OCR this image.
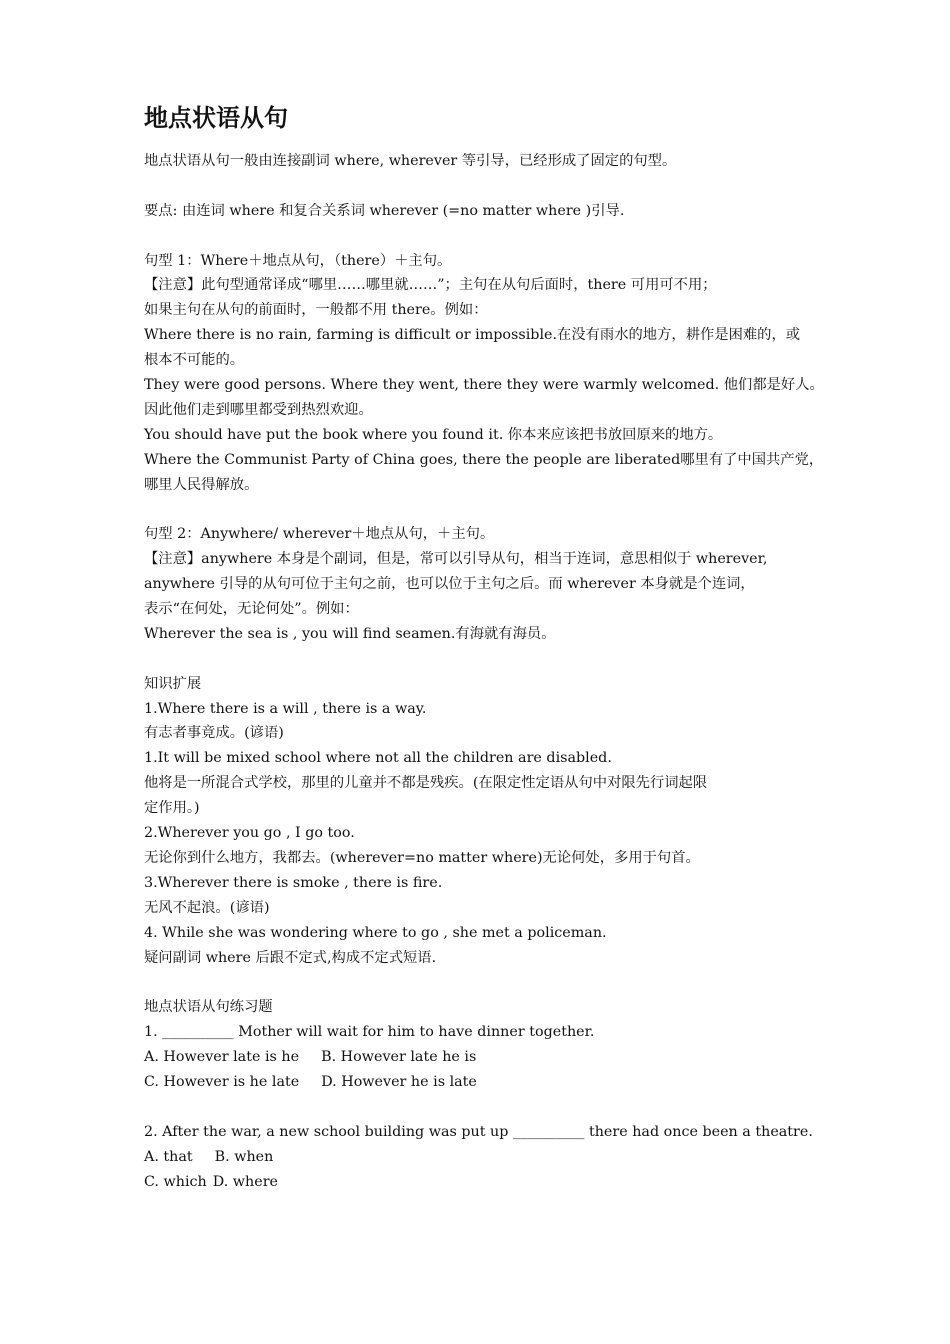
地点状语从句
地点状语从句一般由连接副词 where, wherever 等引导，已经形成了固定的句型。
要点: 由连词 where 和复合关系词 wherever (=no matter where )引导.
句型 1：Where＋地点从句，（there）＋主句。
【注意】此句型通常译成“哪里……哪里就……”；主句在从句后面时，there 可用可不用；
如果主句在从句的前面时，一般都不用 there。例如：
Where there is no rain, farming is difficult or impossible.在没有雨水的地方，耕作是困难的，或
根本不可能的。
They were good persons. Where they went, there they were warmly welcomed. 他们都是好人。
因此他们走到哪里都受到热烈欢迎。
You should have put the book where you found it. 你本来应该把书放回原来的地方。
Where the Communist Party of China goes, there the people are liberated哪里有了中国共产党，
哪里人民得解放。
句型 2：Anywhere/ wherever＋地点从句，＋主句。
【注意】anywhere 本身是个副词，但是，常可以引导从句，相当于连词，意思相似于 wherever,
anywhere 引导的从句可位于主句之前，也可以位于主句之后。而 wherever 本身就是个连词，
表示“在何处，无论何处”。例如：
Wherever the sea is , you will find seamen.有海就有海员。
知识扩展
1.Where there is a will , there is a way.
有志者事竟成。(谚语)
1.It will be mixed school where not all the children are disabled.
他将是一所混合式学校，那里的儿童并不都是残疾。(在限定性定语从句中对限先行词起限
定作用。)
2.Wherever you go , I go too.
无论你到什么地方，我都去。(wherever=no matter where)无论何处，多用于句首。
3.Wherever there is smoke , there is fire.
无风不起浪。(谚语)
4. While she was wondering where to go , she met a policeman.
疑问副词 where 后跟不定式,构成不定式短语.
地点状语从句练习题
1. __________ Mother will wait for him to have dinner together.
A. However late is he B. However late he is
C. However is he late D. However he is late
2. After the war, a new school building was put up __________ there had once been a theatre.
A. that B. when
C. which D. where
